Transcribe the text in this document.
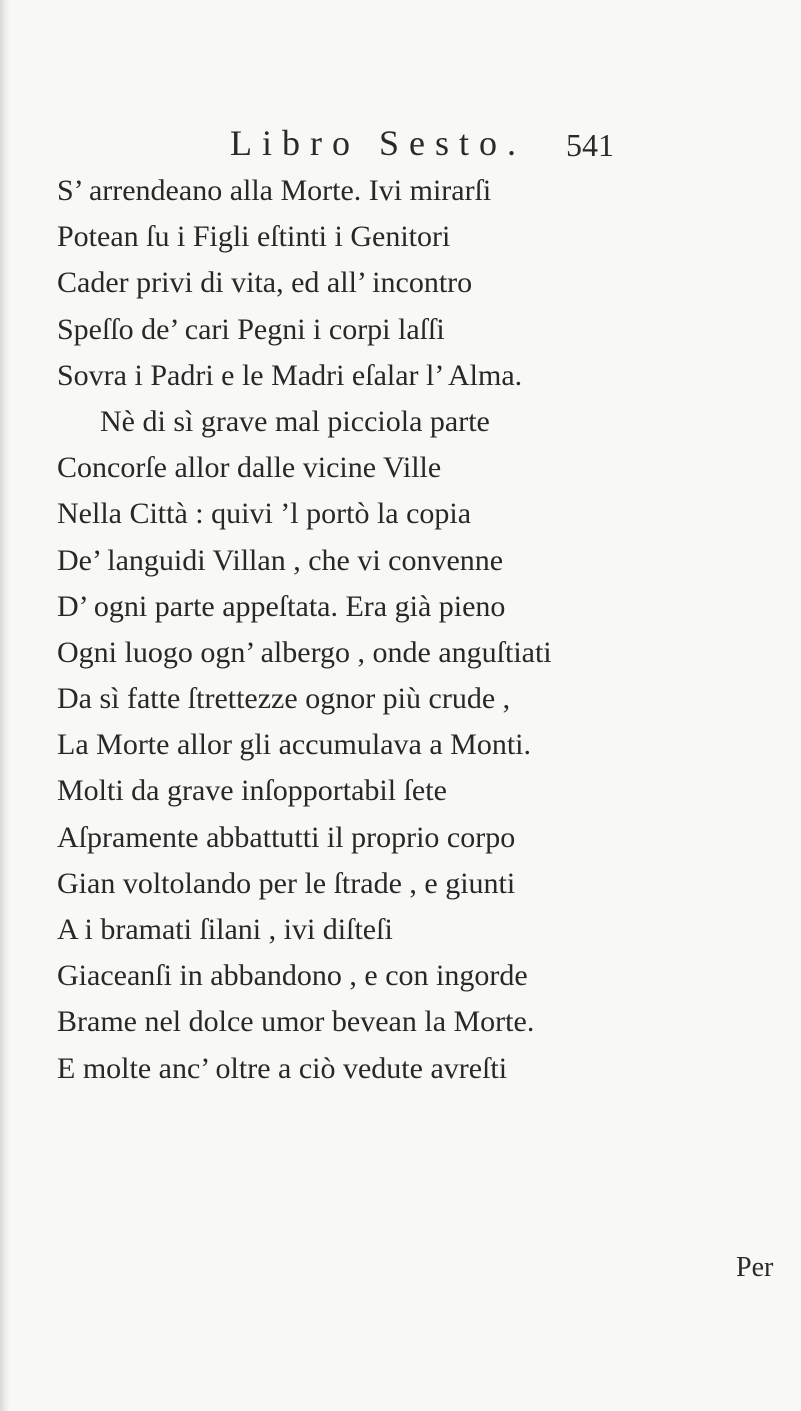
Libro Sesto. 541
S’ arrendeano alla Morte. Ivi mirarſi
Potean ſu i Figli eſtinti i Genitori
Cader privi di vita, ed all’ incontro
Speſſo de’ cari Pegni i corpi laſſi
Sovra i Padri e le Madri eſalar l’ Alma.
Nè di sì grave mal picciola parte
Concorſe allor dalle vicine Ville
Nella Città : quivi ’l portò la copia
De’ languidi Villan , che vi convenne
D’ ogni parte appeſtata. Era già pieno
Ogni luogo ogn’ albergo , onde anguſtiati
Da sì fatte ſtrettezze ognor più crude ,
La Morte allor gli accumulava a Monti.
Molti da grave inſopportabil ſete
Aſpramente abbattutti il proprio corpo
Gian voltolando per le ſtrade , e giunti
A i bramati ſilani , ivi diſteſi
Giaceanſi in abbandono , e con ingorde
Brame nel dolce umor bevean la Morte.
E molte anc’ oltre a ciò vedute avreſti
Per
